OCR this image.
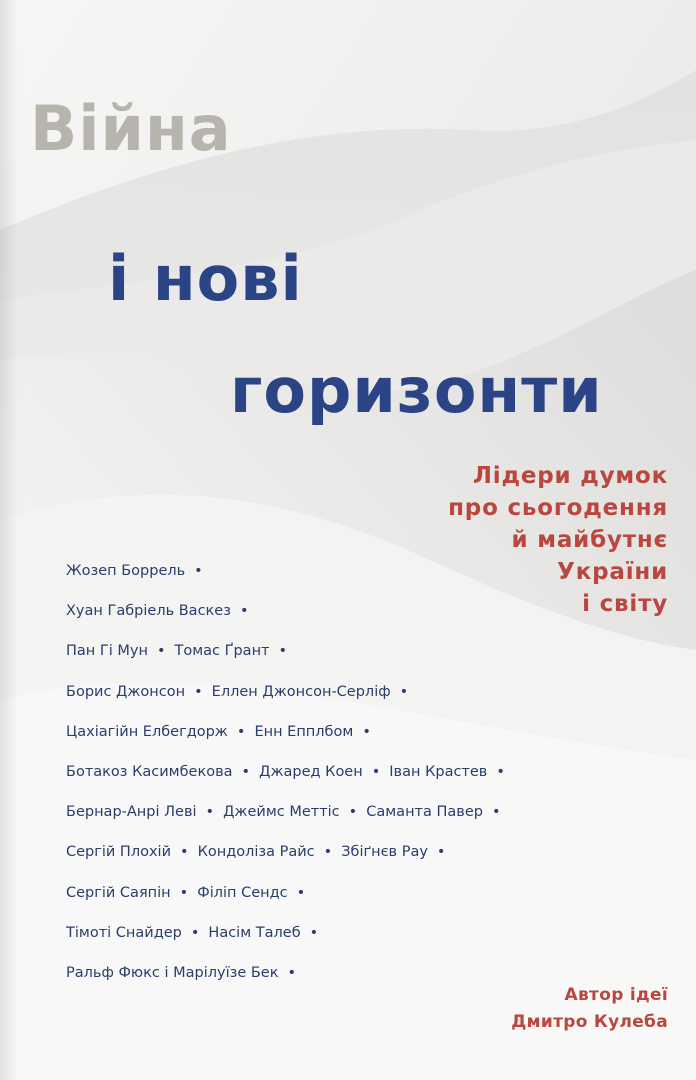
Війна
і нові
горизонти

Лідери думок
про сьогодення
й майбутнє
України
і світу

Жозеп Боррель •
Хуан Габріель Васкез •
Пан Гі Мун • Томас Ґрант •
Борис Джонсон • Еллен Джонсон-Серліф •
Цахіагійн Елбегдорж • Енн Епплбом •
Ботакоз Касимбекова • Джаред Коен • Іван Крастев •
Бернар-Анрі Леві • Джеймс Меттіс • Саманта Павер •
Сергій Плохій • Кондоліза Райс • Збіґнєв Рау •
Сергій Саяпін • Філіп Сендс •
Тімоті Снайдер • Насім Талеб •
Ральф Фюкс і Марілуїзе Бек •
Автор ідеї
Дмитро Кулеба
